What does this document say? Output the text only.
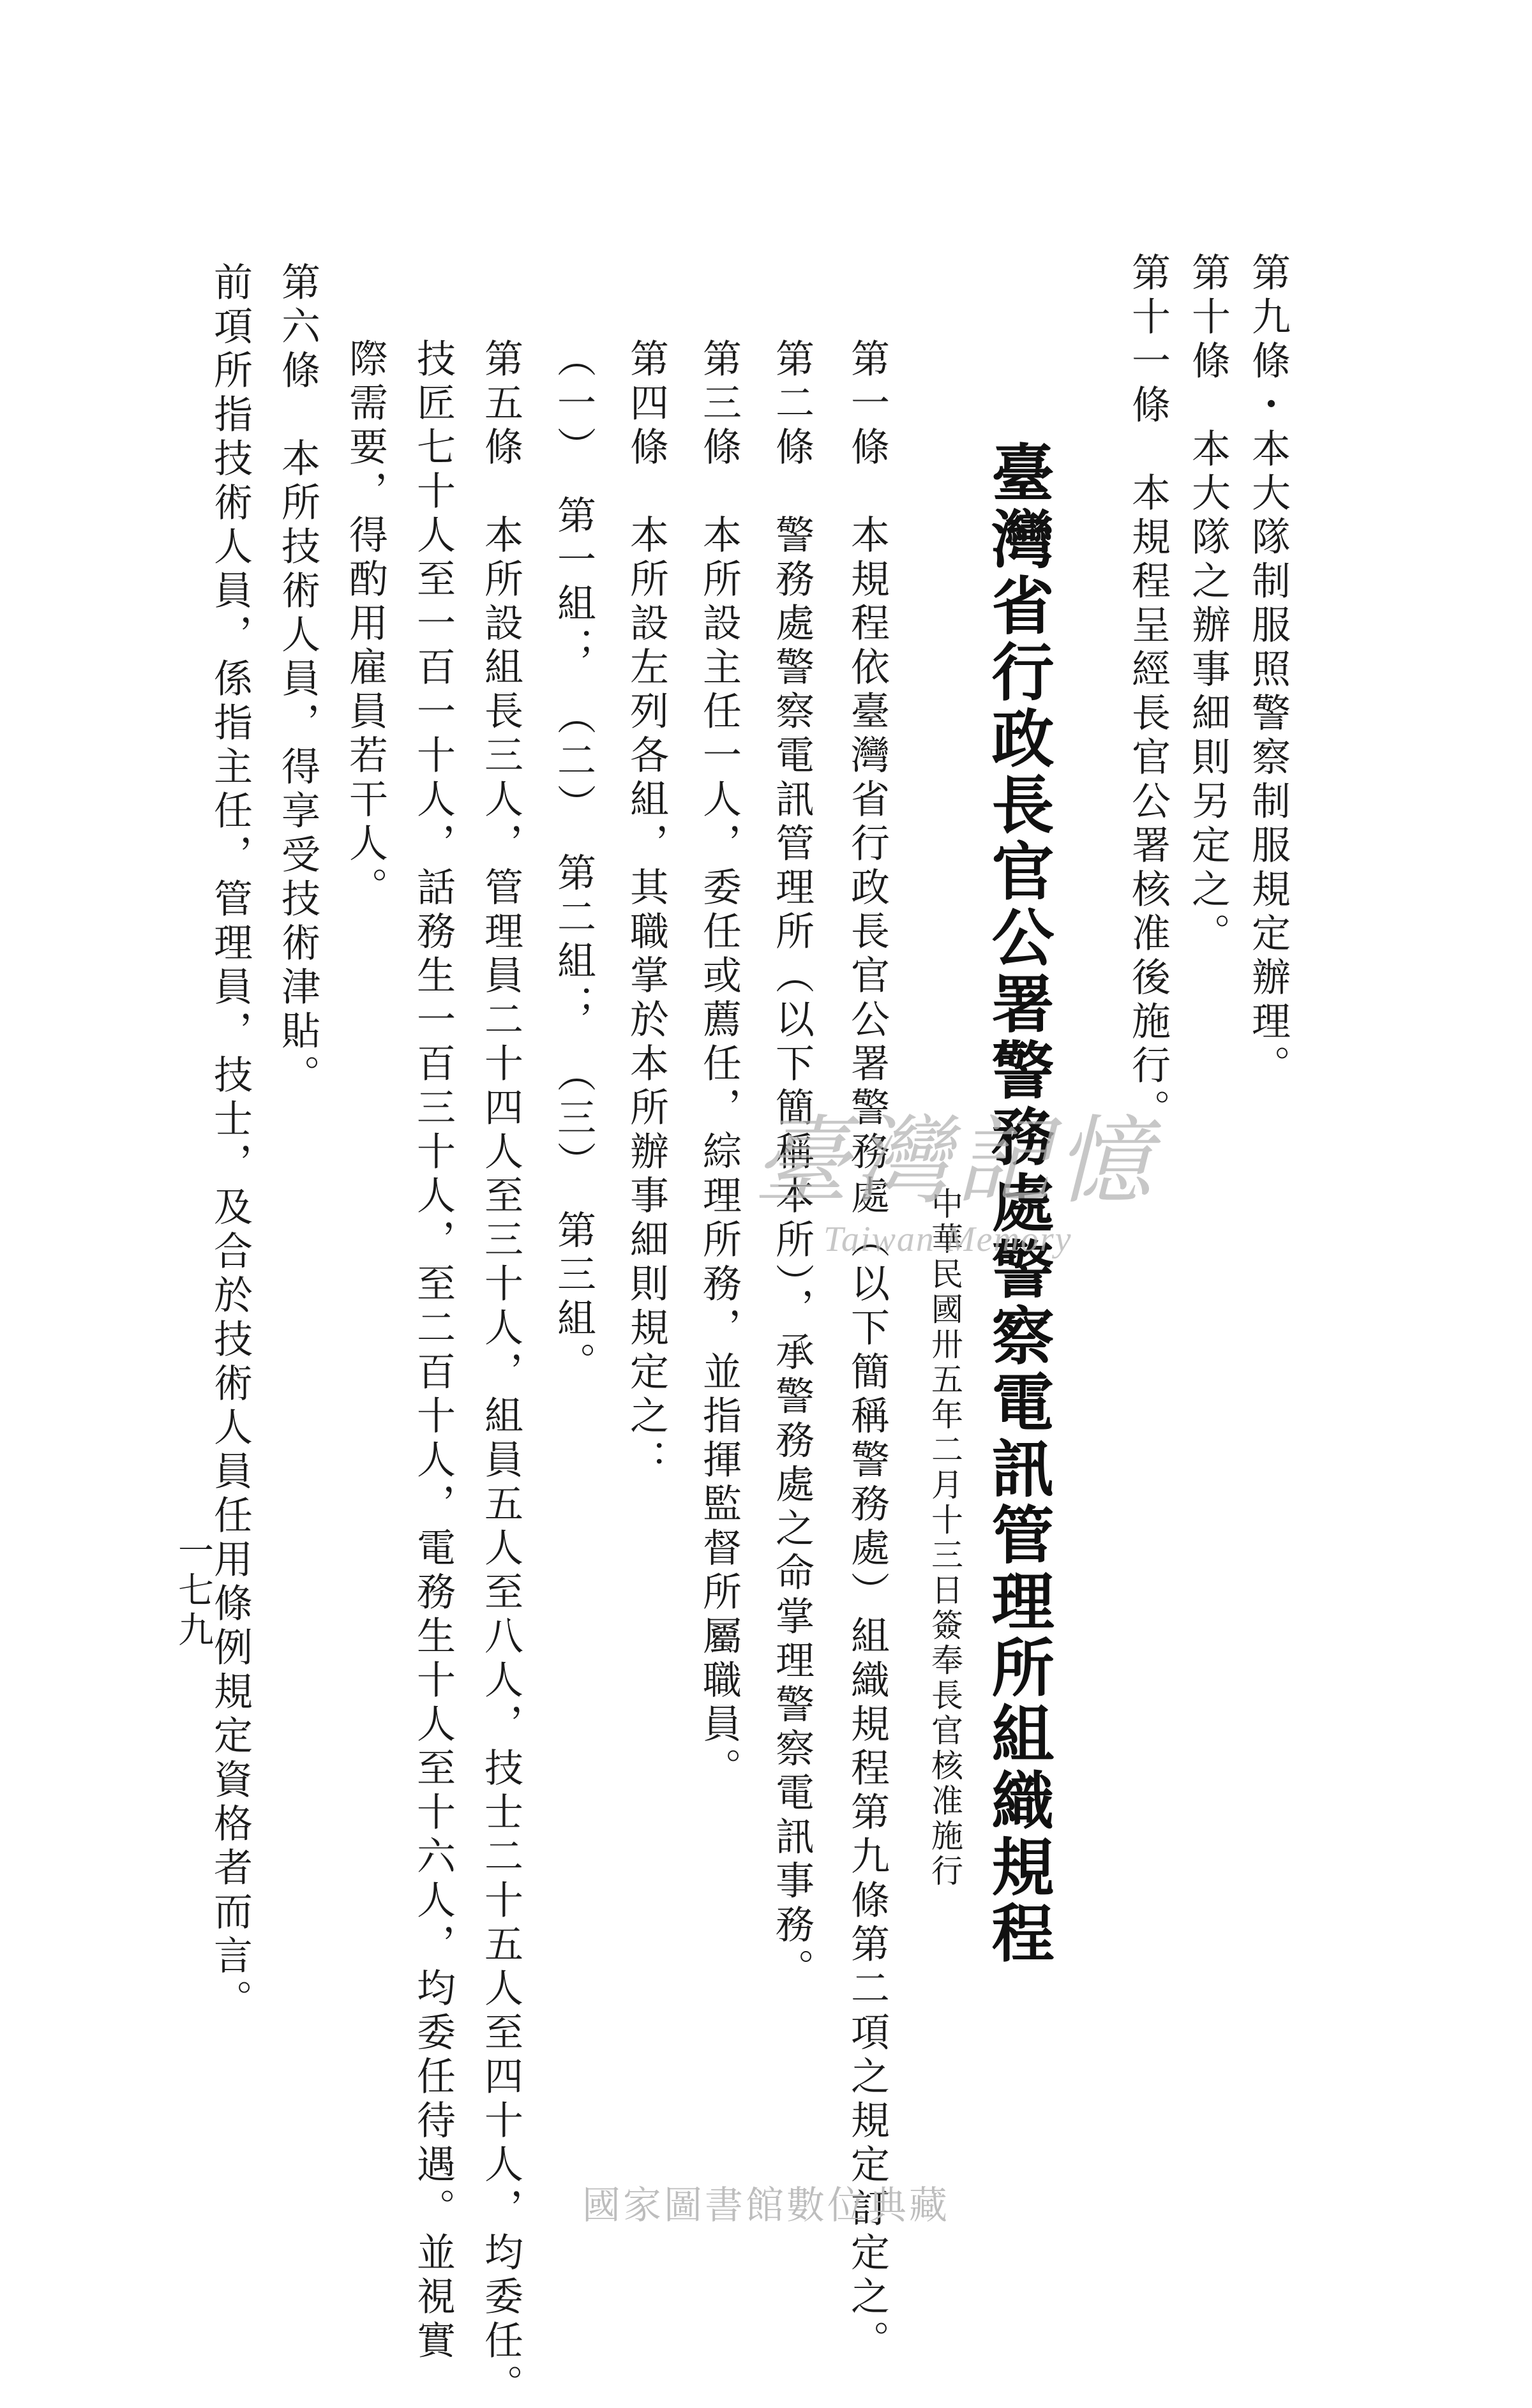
第九條・本大隊制服照警察制服規定辦理。
第十條　本大隊之辦事細則另定之。
第十一條　本規程呈經長官公署核准後施行。
臺灣省行政長官公署警務處警察電訊管理所組織規程
中華民國卅五年二月十三日簽奉長官核准施行
第一條　本規程依臺灣省行政長官公署警務處（以下簡稱警務處）組織規程第九條第二項之規定訂定之。
第二條　警務處警察電訊管理所（以下簡稱本所），承警務處之命掌理警察電訊事務。
第三條　本所設主任一人，委任或薦任，綜理所務，並指揮監督所屬職員。
第四條　本所設左列各組，其職掌於本所辦事細則規定之：
（一）　第一組；　（二）　第二組；　（三）　第三組。
第五條　本所設組長三人，管理員二十四人至三十人，組員五人至八人，技士二十五人至四十人，均委任。
技匠七十人至一百一十人，話務生一百三十人，至二百十人，電務生十人至十六人，均委任待遇。並視實
際需要，得酌用雇員若干人。
第六條　本所技術人員，得享受技術津貼。
前項所指技術人員，係指主任，管理員，技士，及合於技術人員任用條例規定資格者而言。
一七九
臺灣記憶
Taiwan Memory
國家圖書館數位典藏
